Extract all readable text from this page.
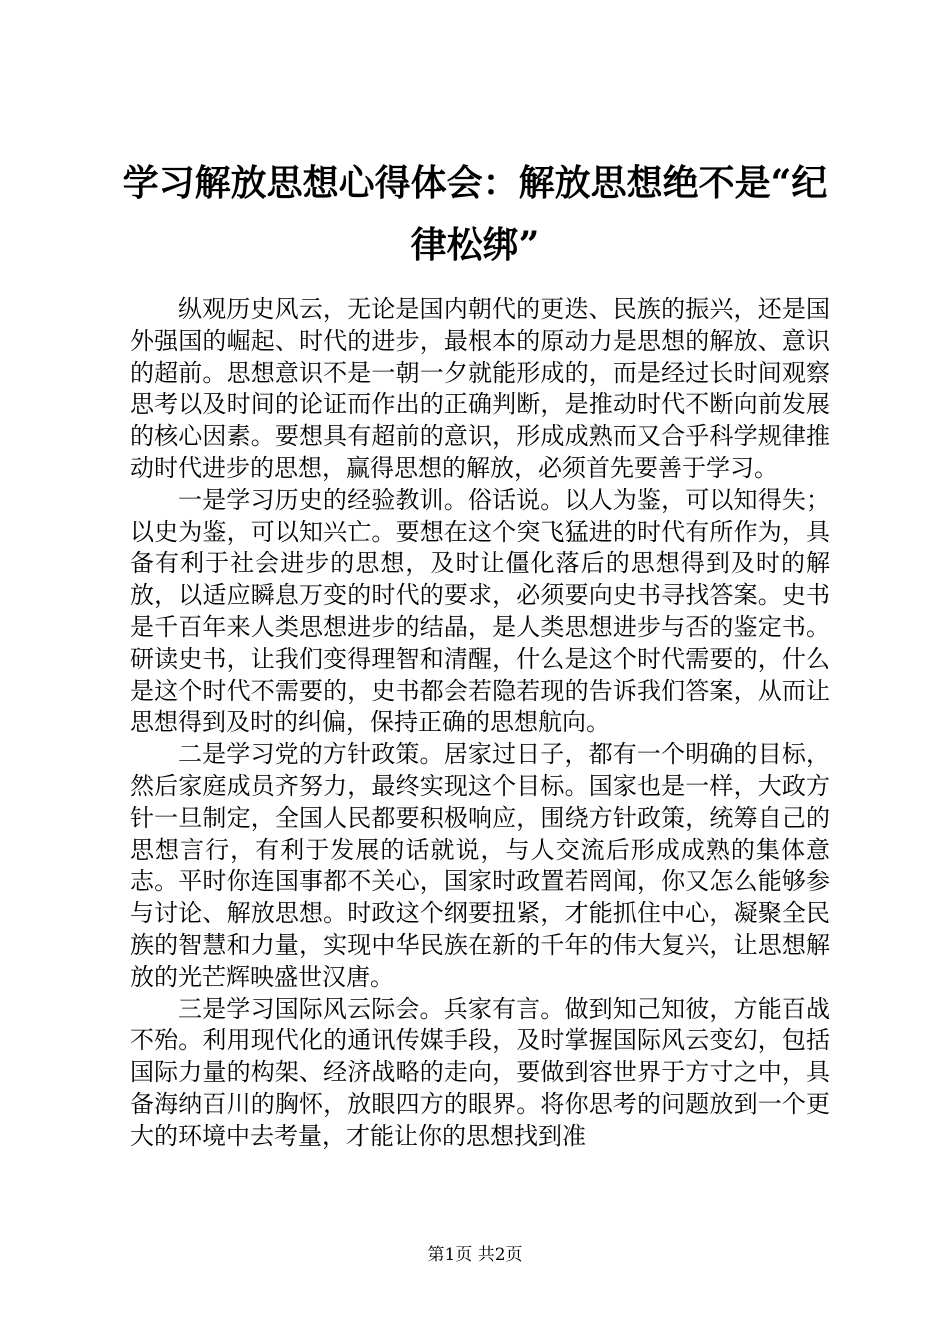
学习解放思想心得体会：解放思想绝不是“纪律松绑”

纵观历史风云，无论是国内朝代的更迭、民族的振兴，还是国外强国的崛起、时代的进步，最根本的原动力是思想的解放、意识的超前。思想意识不是一朝一夕就能形成的，而是经过长时间观察思考以及时间的论证而作出的正确判断，是推动时代不断向前发展的核心因素。要想具有超前的意识，形成成熟而又合乎科学规律推动时代进步的思想，赢得思想的解放，必须首先要善于学习。

一是学习历史的经验教训。俗话说。以人为鉴，可以知得失；以史为鉴，可以知兴亡。要想在这个突飞猛进的时代有所作为，具备有利于社会进步的思想，及时让僵化落后的思想得到及时的解放，以适应瞬息万变的时代的要求，必须要向史书寻找答案。史书是千百年来人类思想进步的结晶，是人类思想进步与否的鉴定书。研读史书，让我们变得理智和清醒，什么是这个时代需要的，什么是这个时代不需要的，史书都会若隐若现的告诉我们答案，从而让思想得到及时的纠偏，保持正确的思想航向。

二是学习党的方针政策。居家过日子，都有一个明确的目标，然后家庭成员齐努力，最终实现这个目标。国家也是一样，大政方针一旦制定，全国人民都要积极响应，围绕方针政策，统筹自己的思想言行，有利于发展的话就说，与人交流后形成成熟的集体意志。平时你连国事都不关心，国家时政置若罔闻，你又怎么能够参与讨论、解放思想。时政这个纲要扭紧，才能抓住中心，凝聚全民族的智慧和力量，实现中华民族在新的千年的伟大复兴，让思想解放的光芒辉映盛世汉唐。

三是学习国际风云际会。兵家有言。做到知己知彼，方能百战不殆。利用现代化的通讯传媒手段，及时掌握国际风云变幻，包括国际力量的构架、经济战略的走向，要做到容世界于方寸之中，具备海纳百川的胸怀，放眼四方的眼界。将你思考的问题放到一个更大的环境中去考量，才能让你的思想找到准

第1页 共2页
